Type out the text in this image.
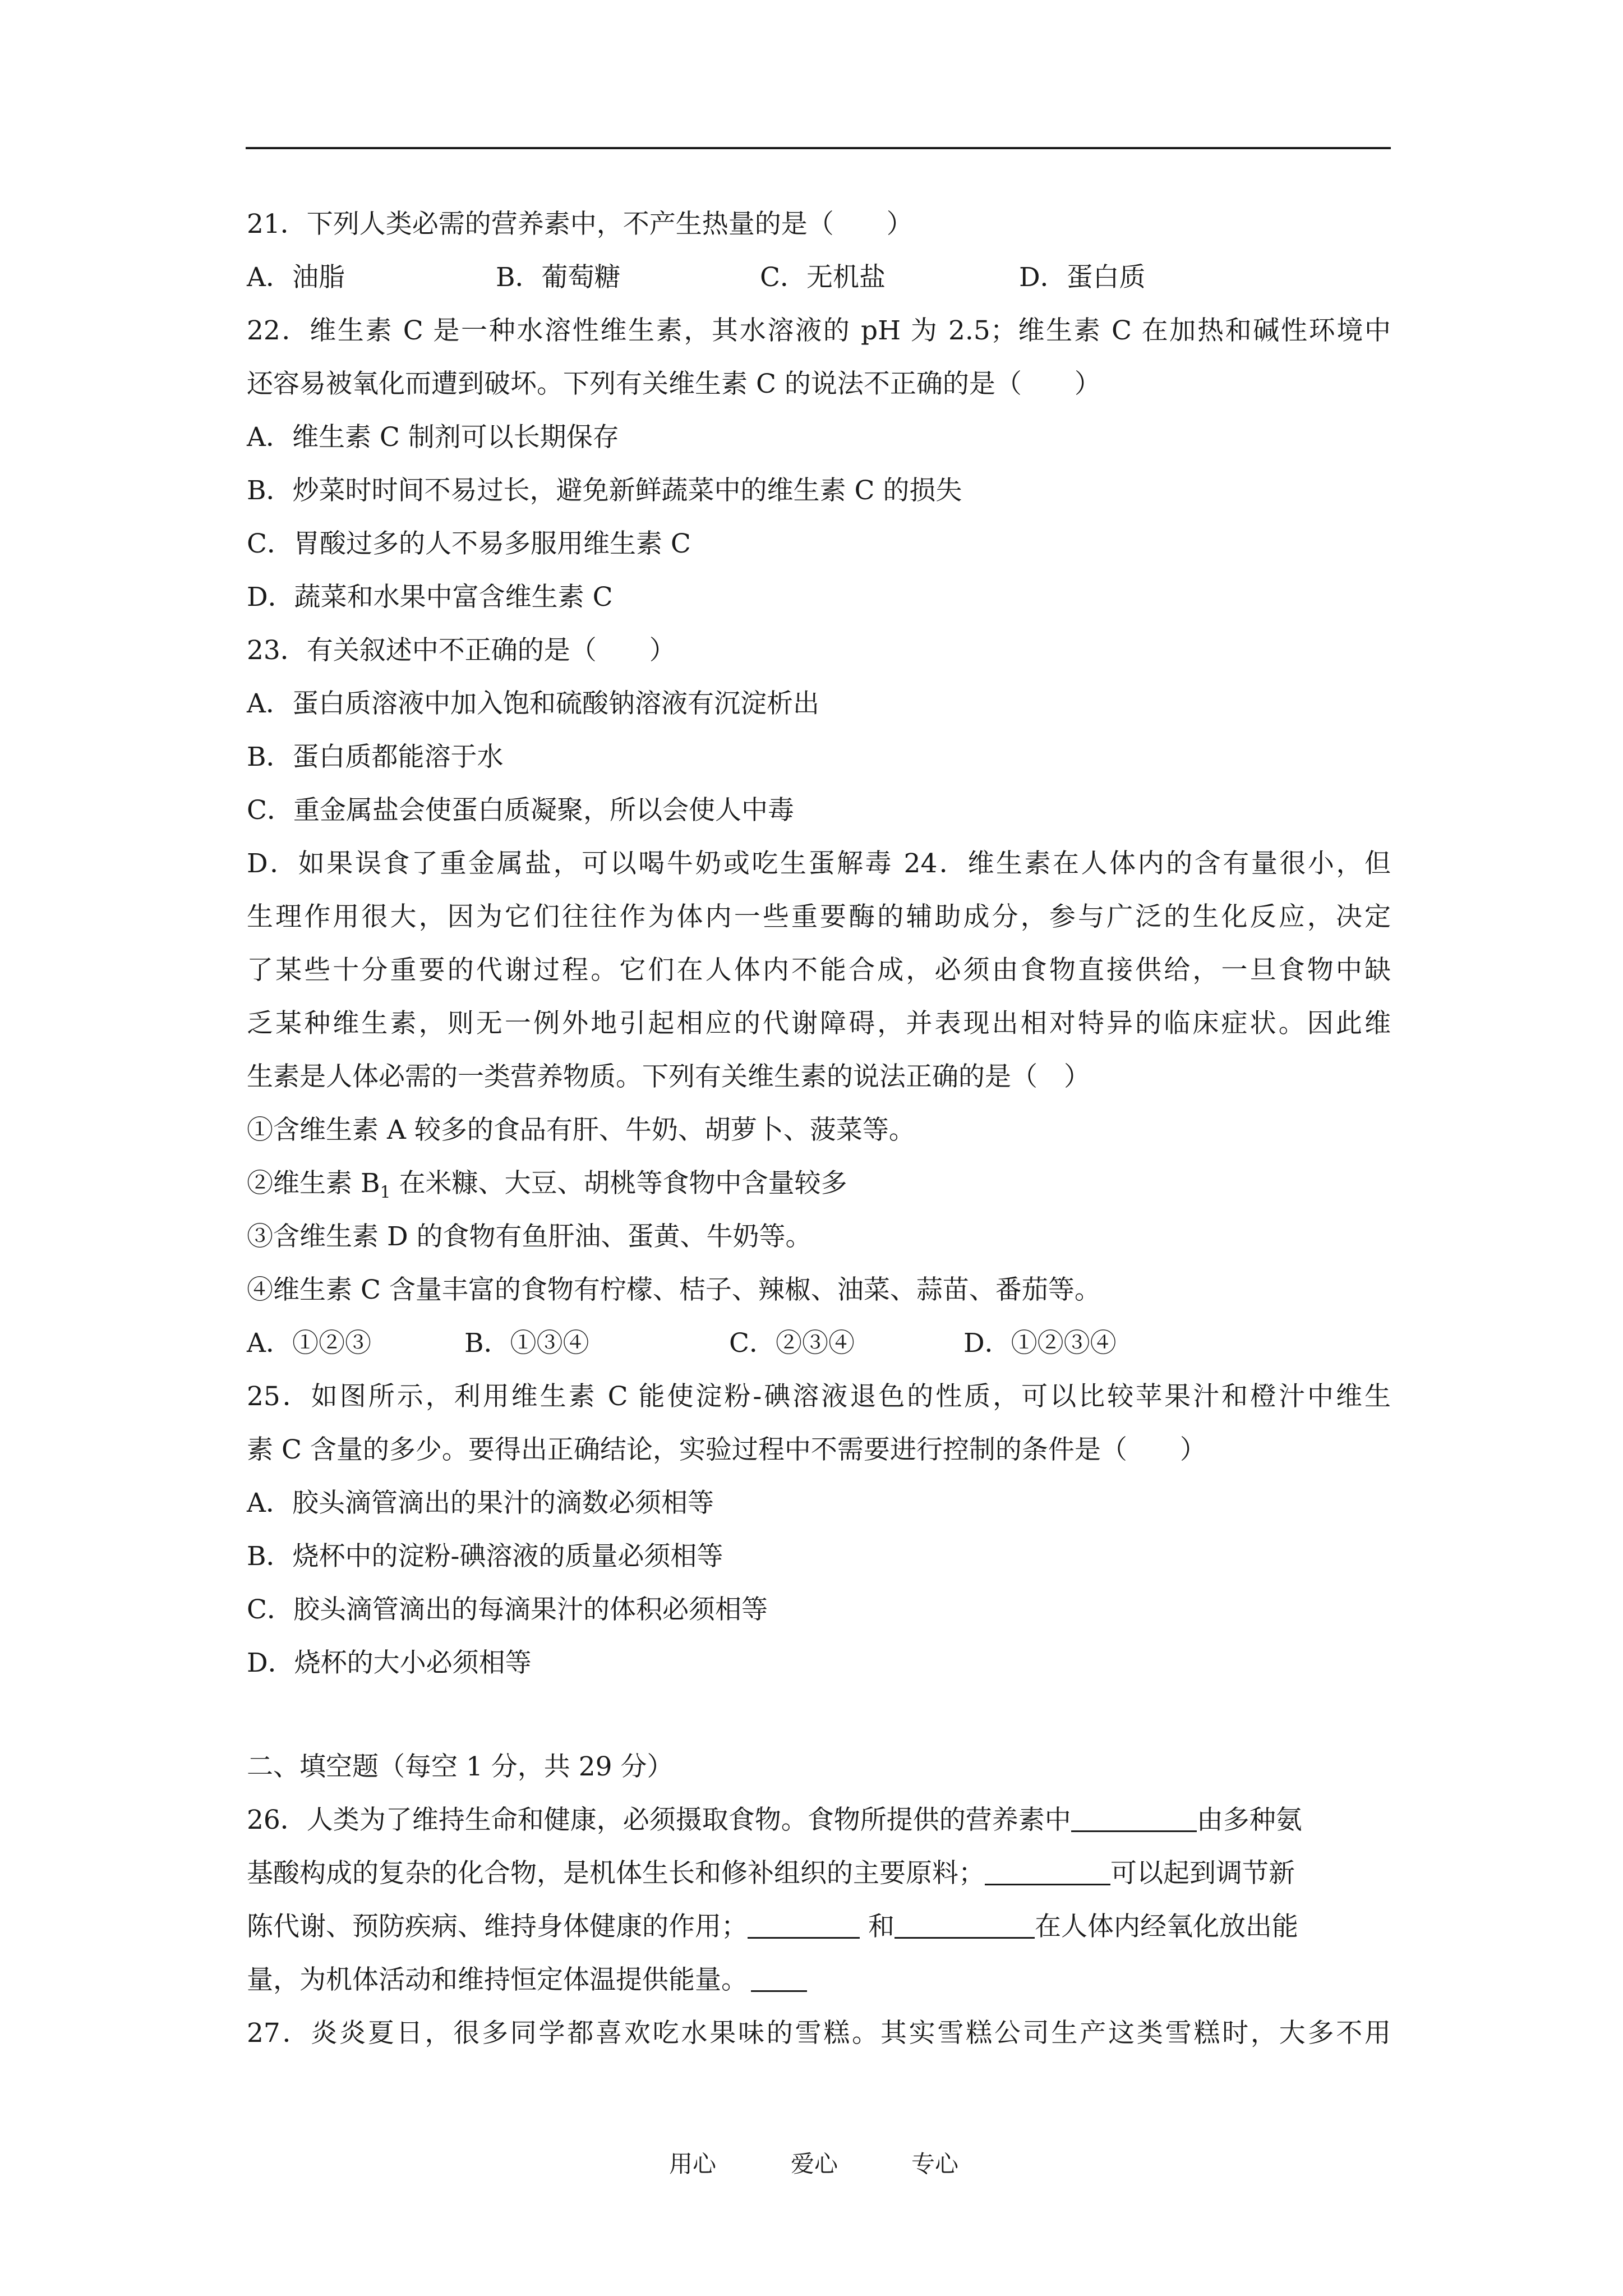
21．下列人类必需的营养素中，不产生热量的是（　　）
A．油脂	B．葡萄糖	C．无机盐	D．蛋白质
22．维生素 C 是一种水溶性维生素，其水溶液的 pH 为 2.5；维生素 C 在加热和碱性环境中
还容易被氧化而遭到破坏。下列有关维生素 C 的说法不正确的是（　　）
A．维生素 C 制剂可以长期保存
B．炒菜时时间不易过长，避免新鲜蔬菜中的维生素 C 的损失
C．胃酸过多的人不易多服用维生素 C
D．蔬菜和水果中富含维生素 C
23．有关叙述中不正确的是（　　）
A．蛋白质溶液中加入饱和硫酸钠溶液有沉淀析出
B．蛋白质都能溶于水
C．重金属盐会使蛋白质凝聚，所以会使人中毒
D．如果误食了重金属盐，可以喝牛奶或吃生蛋解毒 24．维生素在人体内的含有量很小，但
生理作用很大，因为它们往往作为体内一些重要酶的辅助成分，参与广泛的生化反应，决定
了某些十分重要的代谢过程。它们在人体内不能合成，必须由食物直接供给，一旦食物中缺
乏某种维生素，则无一例外地引起相应的代谢障碍，并表现出相对特异的临床症状。因此维
生素是人体必需的一类营养物质。下列有关维生素的说法正确的是（　）
①含维生素 A 较多的食品有肝、牛奶、胡萝卜、菠菜等。
②维生素 $B_1$ 在米糠、大豆、胡桃等食物中含量较多
③含维生素 D 的食物有鱼肝油、蛋黄、牛奶等。
④维生素 C 含量丰富的食物有柠檬、桔子、辣椒、油菜、蒜苗、番茄等。
A．①②③	B．①③④	C．②③④	D．①②③④
25．如图所示，利用维生素 C 能使淀粉-碘溶液退色的性质，可以比较苹果汁和橙汁中维生
素 C 含量的多少。要得出正确结论，实验过程中不需要进行控制的条件是（　　）
A．胶头滴管滴出的果汁的滴数必须相等
B．烧杯中的淀粉-碘溶液的质量必须相等
C．胶头滴管滴出的每滴果汁的体积必须相等
D．烧杯的大小必须相等
二、填空题（每空 1 分，共 29 分）
26．人类为了维持生命和健康，必须摄取食物。食物所提供的营养素中	由多种氨
基酸构成的复杂的化合物，是机体生长和修补组织的主要原料；	可以起到调节新
陈代谢、预防疾病、维持身体健康的作用；	和	在人体内经氧化放出能
量，为机体活动和维持恒定体温提供能量。
27．炎炎夏日，很多同学都喜欢吃水果味的雪糕。其实雪糕公司生产这类雪糕时，大多不用
用心	爱心	专心
